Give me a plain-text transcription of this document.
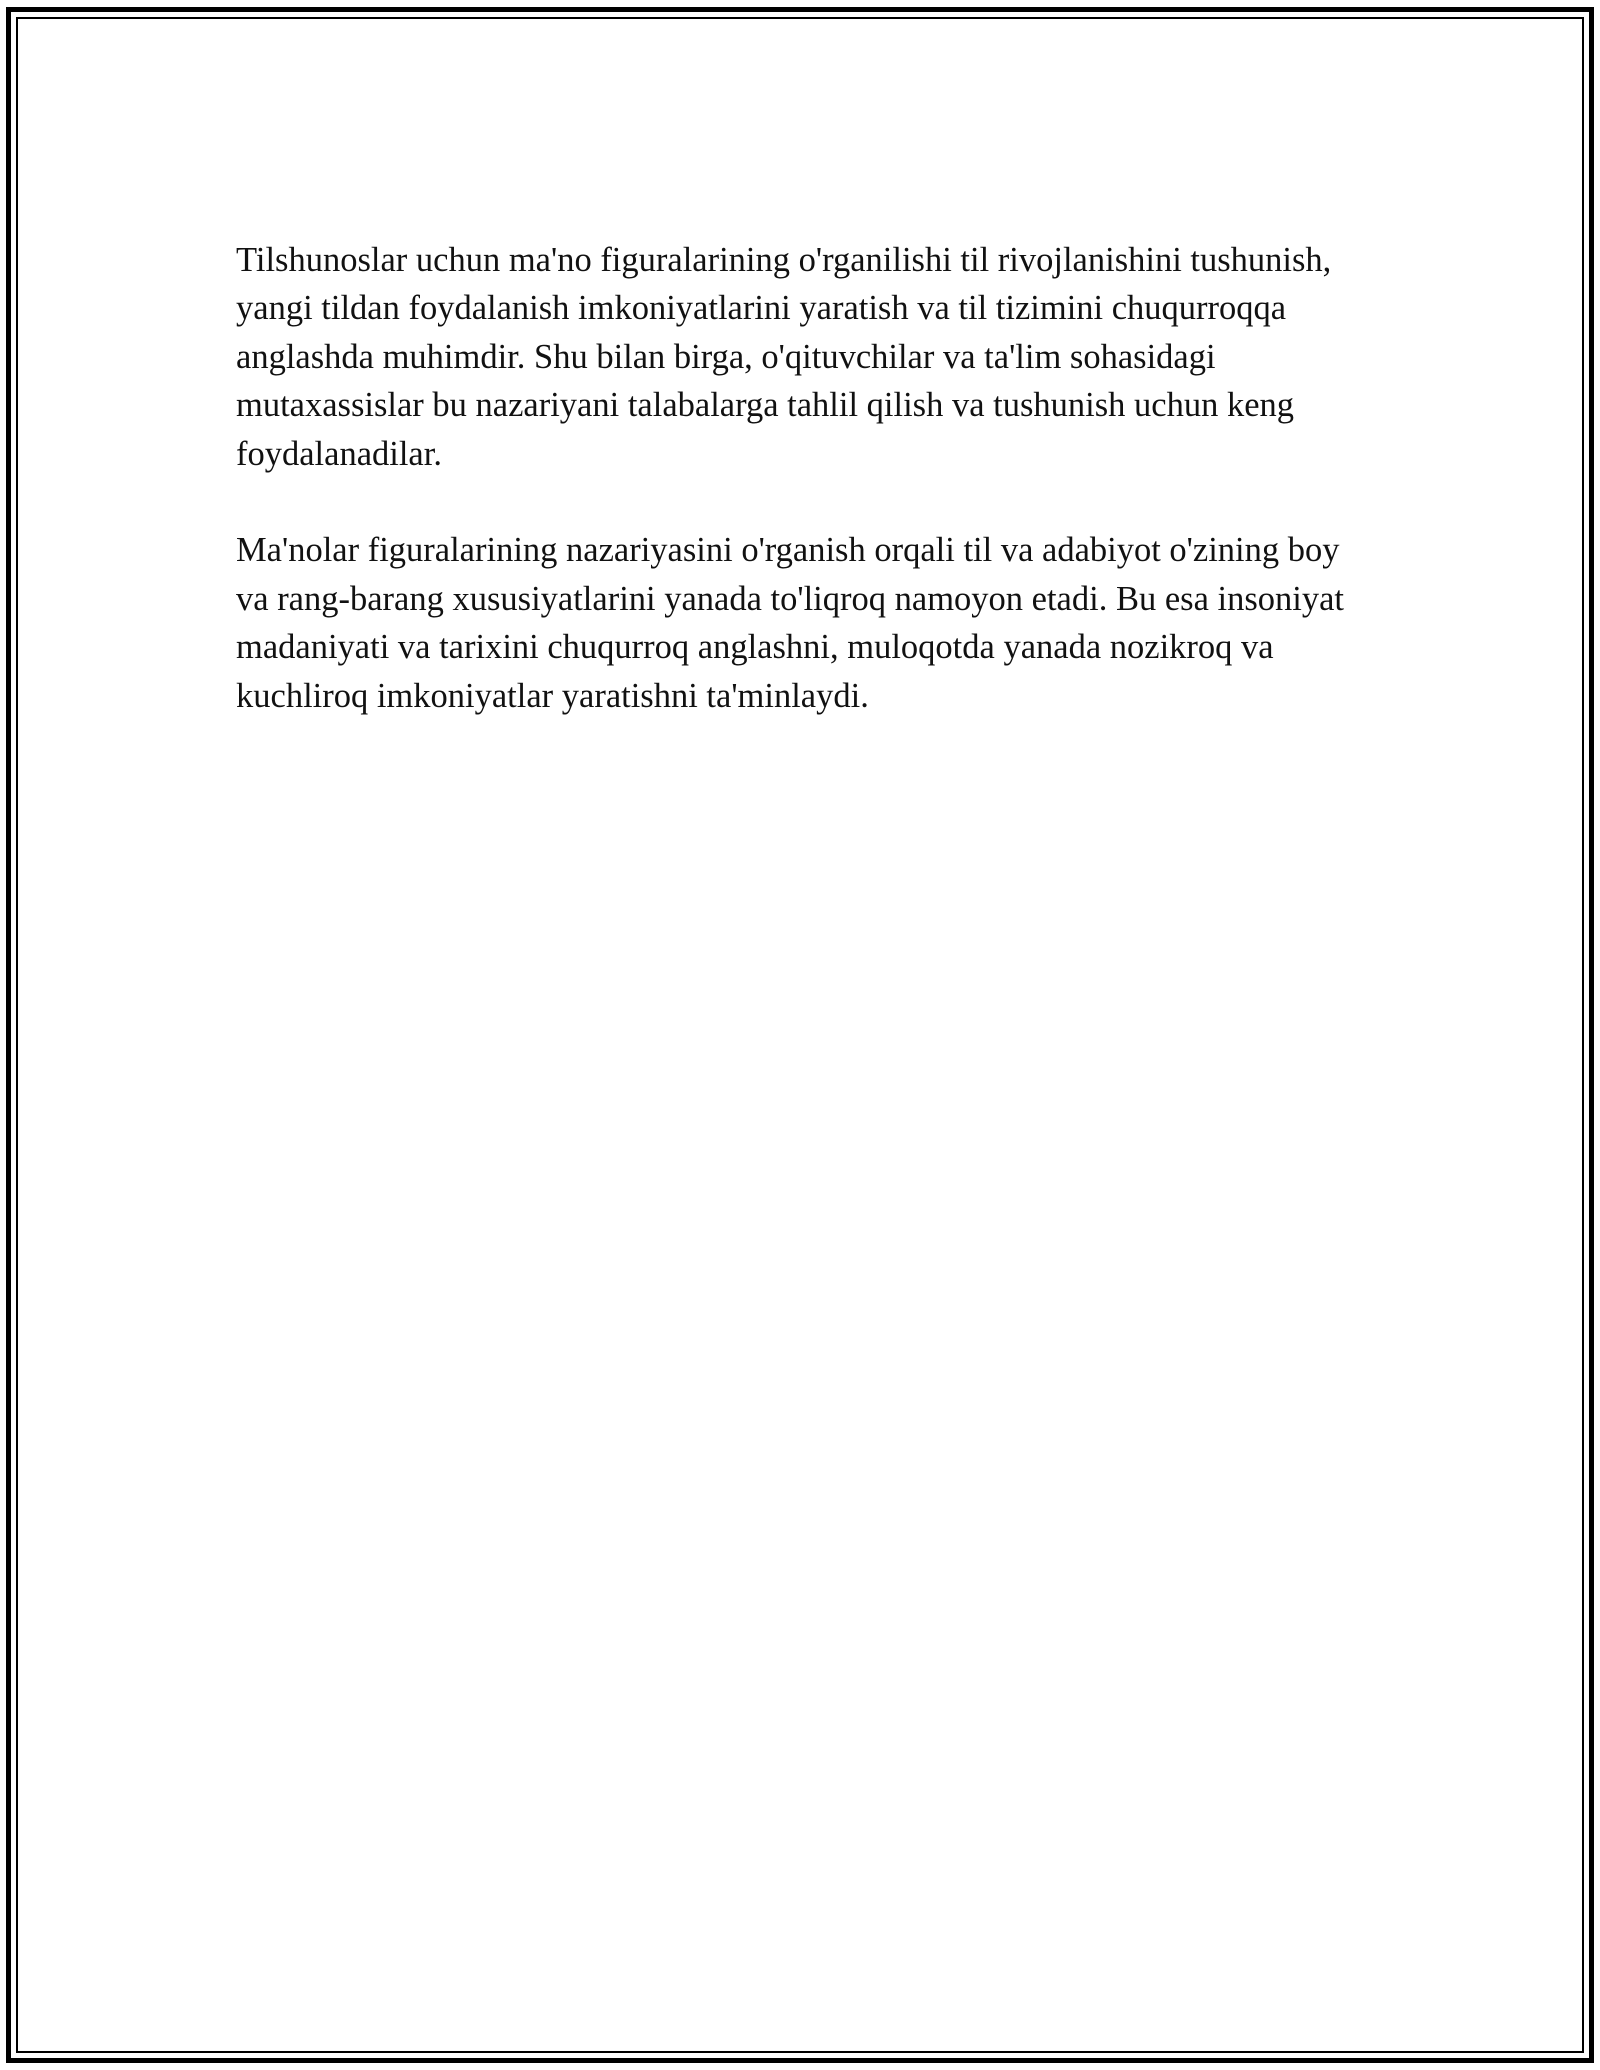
Tilshunoslar uchun ma'no figuralarining o'rganilishi til rivojlanishini tushunish, yangi tildan foydalanish imkoniyatlarini yaratish va til tizimini chuqurroqqa anglashda muhimdir. Shu bilan birga, o'qituvchilar va ta'lim sohasidagi mutaxassislar bu nazariyani talabalarga tahlil qilish va tushunish uchun keng foydalanadilar.

Ma'nolar figuralarining nazariyasini o'rganish orqali til va adabiyot o'zining boy va rang-barang xususiyatlarini yanada to'liqroq namoyon etadi. Bu esa insoniyat madaniyati va tarixini chuqurroq anglashni, muloqotda yanada nozikroq va kuchliroq imkoniyatlar yaratishni ta'minlaydi.
